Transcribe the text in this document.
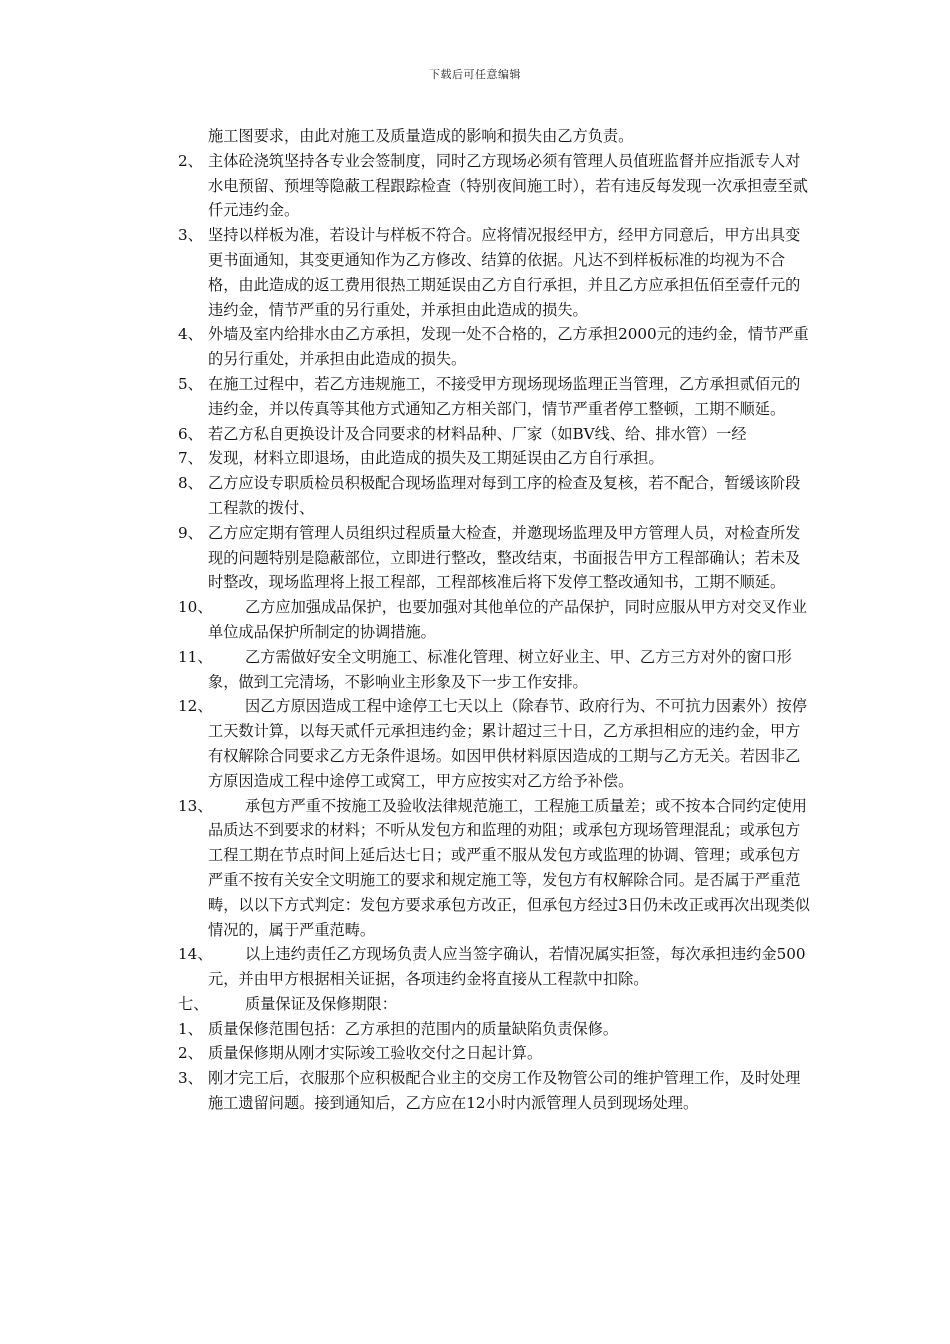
下载后可任意编辑

施工图要求，由此对施工及质量造成的影响和损失由乙方负责。

2、 主体砼浇筑坚持各专业会签制度，同时乙方现场必须有管理人员值班监督并应指派专人对水电预留、预埋等隐蔽工程跟踪检查（特别夜间施工时），若有违反每发现一次承担壹至贰仟元违约金。

3、 坚持以样板为准，若设计与样板不符合。应将情况报经甲方，经甲方同意后，甲方出具变更书面通知，其变更通知作为乙方修改、结算的依据。凡达不到样板标准的均视为不合格，由此造成的返工费用很热工期延误由乙方自行承担，并且乙方应承担伍佰至壹仟元的违约金，情节严重的另行重处，并承担由此造成的损失。

4、 外墙及室内给排水由乙方承担，发现一处不合格的，乙方承担2000元的违约金，情节严重的另行重处，并承担由此造成的损失。

5、 在施工过程中，若乙方违规施工，不接受甲方现场现场监理正当管理，乙方承担贰佰元的违约金，并以传真等其他方式通知乙方相关部门，情节严重者停工整顿，工期不顺延。

6、 若乙方私自更换设计及合同要求的材料品种、厂家（如BV线、给、排水管）一经

7、 发现，材料立即退场，由此造成的损失及工期延误由乙方自行承担。

8、 乙方应设专职质检员积极配合现场监理对每到工序的检查及复核，若不配合，暂缓该阶段工程款的拨付、

9、 乙方应定期有管理人员组织过程质量大检查，并邀现场监理及甲方管理人员，对检查所发现的问题特别是隐蔽部位，立即进行整改，整改结束，书面报告甲方工程部确认；若未及时整改，现场监理将上报工程部，工程部核准后将下发停工整改通知书，工期不顺延。

10、	乙方应加强成品保护，也要加强对其他单位的产品保护，同时应服从甲方对交叉作业单位成品保护所制定的协调措施。

11、	乙方需做好安全文明施工、标准化管理、树立好业主、甲、乙方三方对外的窗口形象，做到工完清场，不影响业主形象及下一步工作安排。

12、	因乙方原因造成工程中途停工七天以上（除春节、政府行为、不可抗力因素外）按停工天数计算，以每天贰仟元承担违约金；累计超过三十日，乙方承担相应的违约金，甲方有权解除合同要求乙方无条件退场。如因甲供材料原因造成的工期与乙方无关。若因非乙方原因造成工程中途停工或窝工，甲方应按实对乙方给予补偿。

13、	承包方严重不按施工及验收法律规范施工，工程施工质量差；或不按本合同约定使用品质达不到要求的材料；不听从发包方和监理的劝阻；或承包方现场管理混乱；或承包方工程工期在节点时间上延后达七日；或严重不服从发包方或监理的协调、管理；或承包方严重不按有关安全文明施工的要求和规定施工等，发包方有权解除合同。是否属于严重范畴，以以下方式判定：发包方要求承包方改正，但承包方经过3日仍未改正或再次出现类似情况的，属于严重范畴。

14、	以上违约责任乙方现场负责人应当签字确认，若情况属实拒签，每次承担违约金500元，并由甲方根据相关证据，各项违约金将直接从工程款中扣除。

七、	质量保证及保修期限：

1、 质量保修范围包括：乙方承担的范围内的质量缺陷负责保修。

2、 质量保修期从刚才实际竣工验收交付之日起计算。

3、 刚才完工后，衣服那个应积极配合业主的交房工作及物管公司的维护管理工作，及时处理施工遗留问题。接到通知后，乙方应在12小时内派管理人员到现场处理。
